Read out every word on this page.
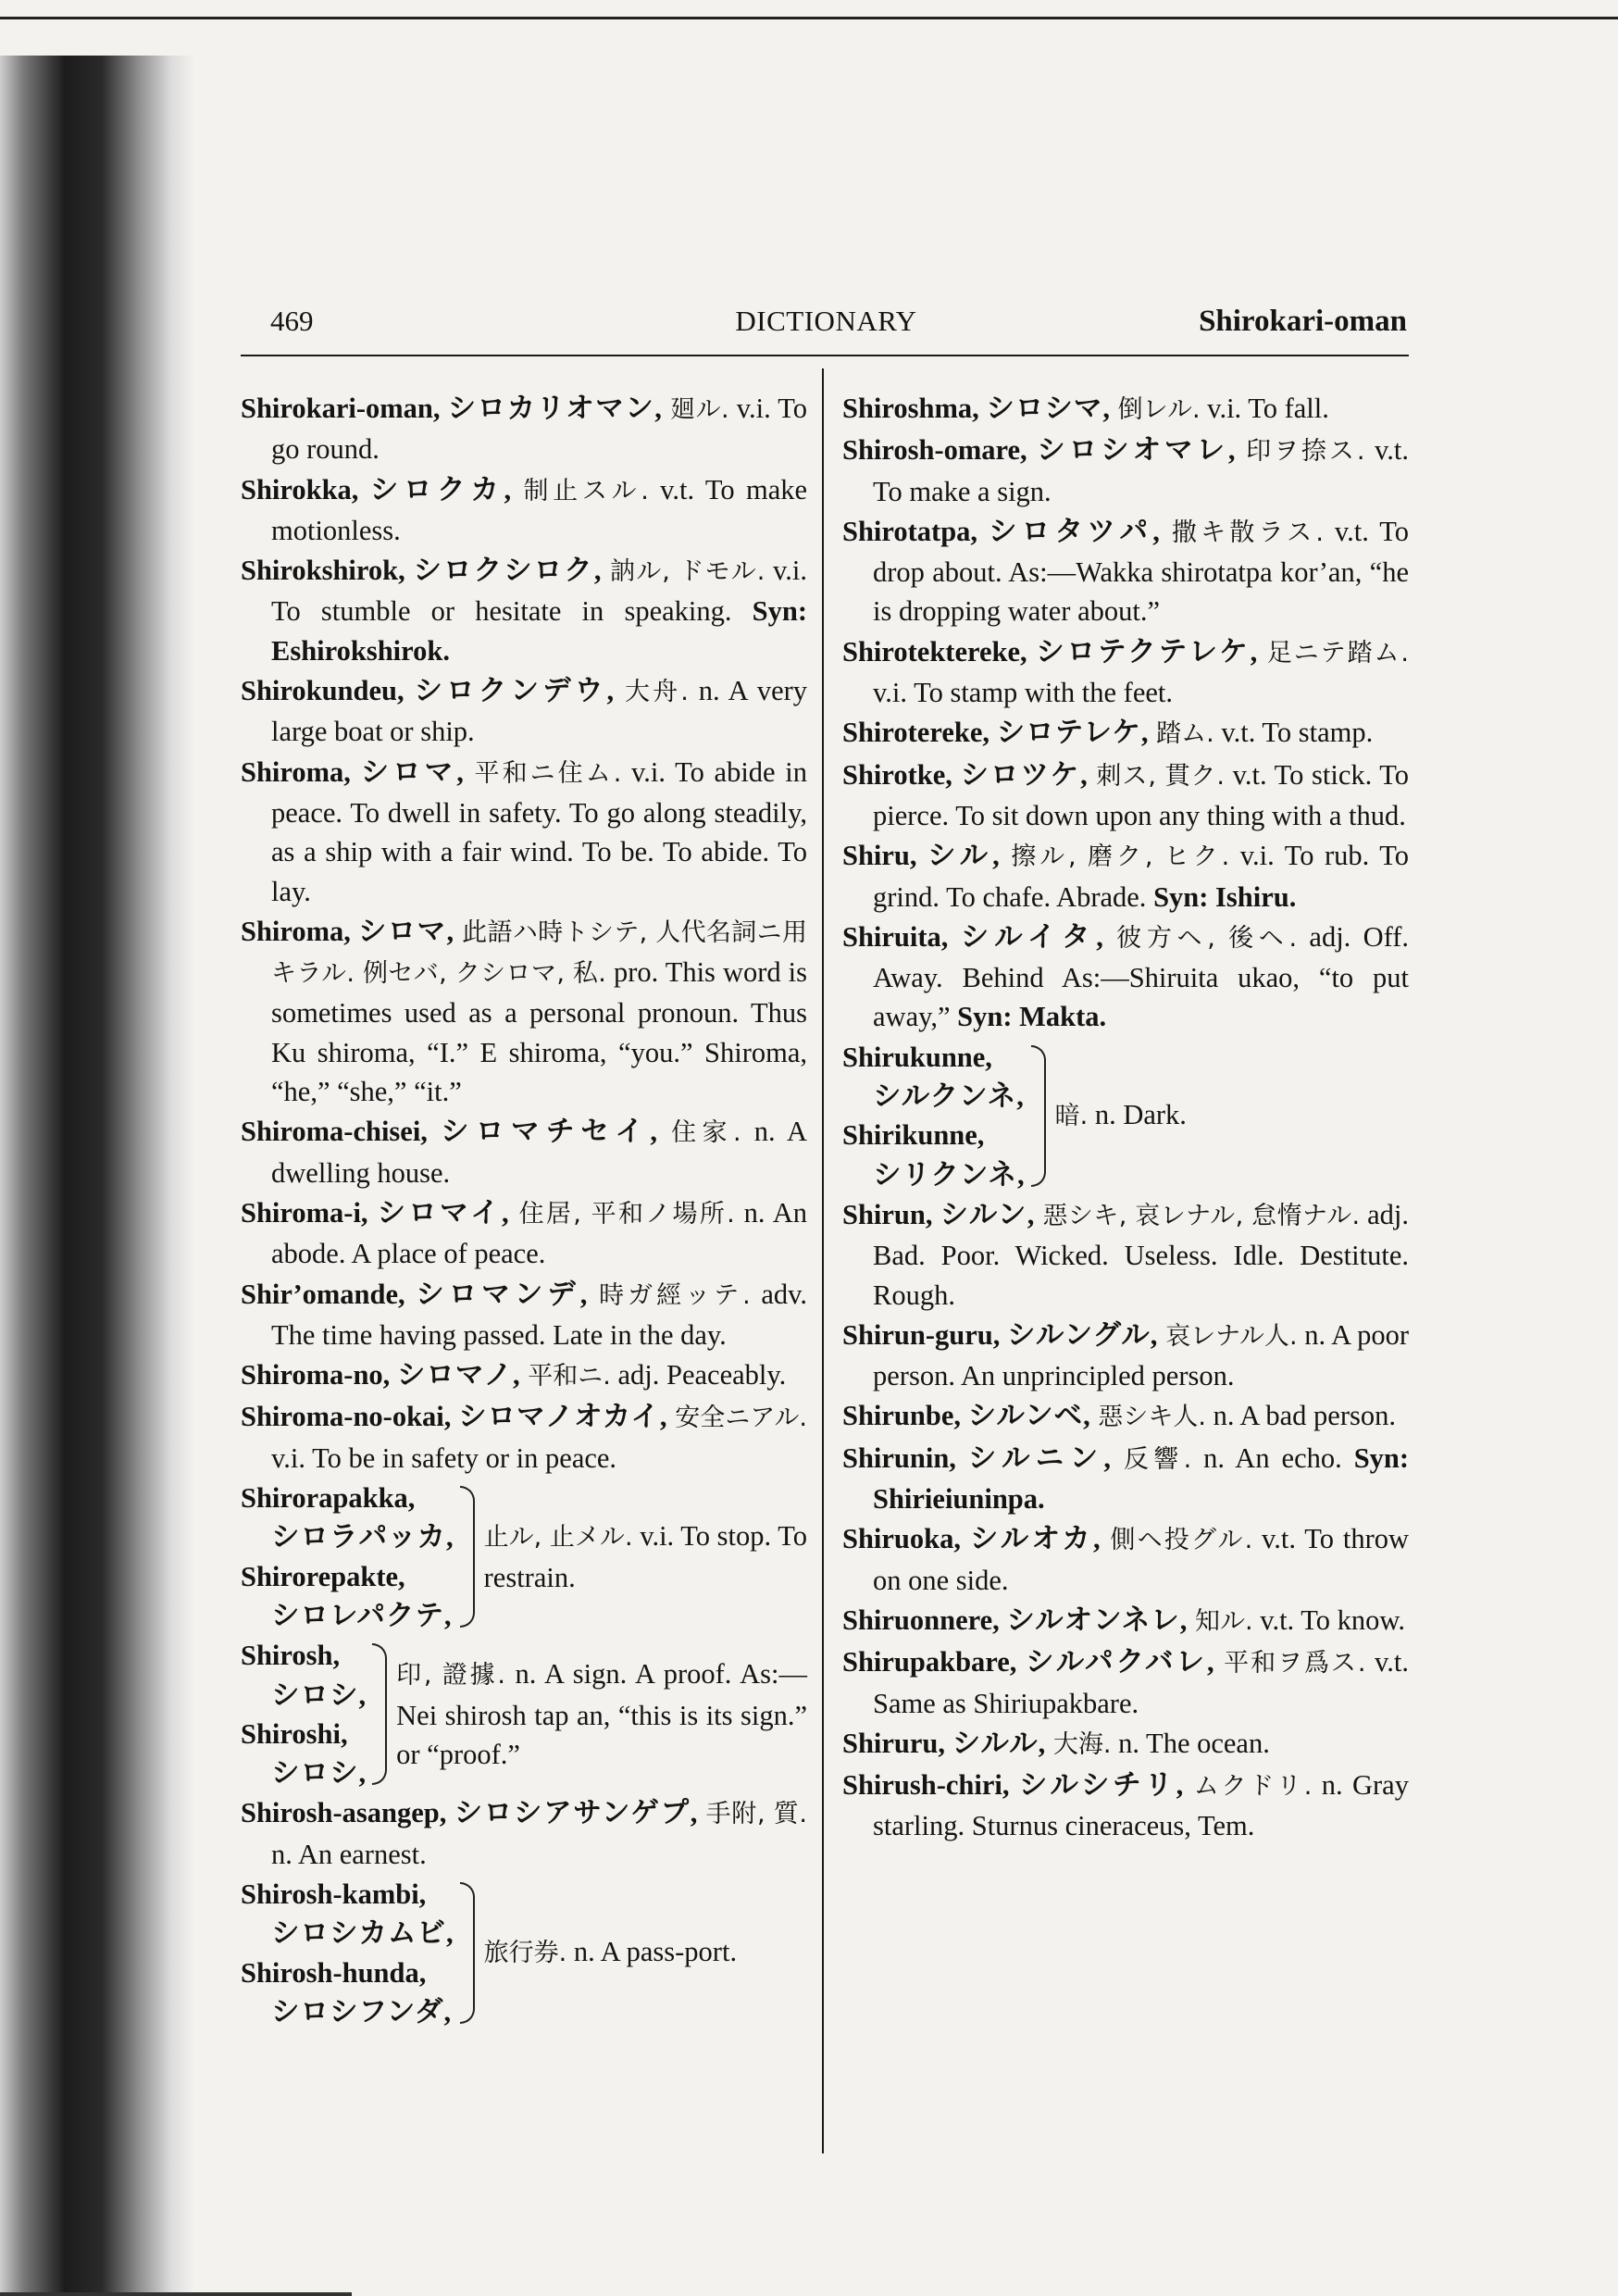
469	DICTIONARY	Shirokari-oman
Shirokari-oman, シロカリオマン, 廻ル. v.i. To go round.
Shirokka, シロクカ, 制止スル. v.t. To make motionless.
Shirokshirok, シロクシロク, 訥ル, ドモル. v.i. To stumble or hesitate in speaking. Syn: Eshirokshirok.
Shirokundeu, シロクンデウ, 大舟. n. A very large boat or ship.
Shiroma, シロマ, 平和ニ住ム. v.i. To abide in peace. To dwell in safety. To go along steadily, as a ship with a fair wind. To be. To abide. To lay.
Shiroma, シロマ, 此語ハ時トシテ, 人代名詞ニ用キラル. 例セバ, クシロマ, 私. pro. This word is sometimes used as a personal pronoun. Thus Ku shiroma, “I.” E shiroma, “you.” Shiroma, “he,” “she,” “it.”
Shiroma-chisei, シロマチセイ, 住家. n. A dwelling house.
Shiroma-i, シロマイ, 住居, 平和ノ場所. n. An abode. A place of peace.
Shir’omande, シロマンデ, 時ガ經ッテ. adv. The time having passed. Late in the day.
Shiroma-no, シロマノ, 平和ニ. adj. Peaceably.
Shiroma-no-okai, シロマノオカイ, 安全ニアル. v.i. To be in safety or in peace.
Shirorapakka,
シロラパッカ,
Shirorepakte,
シロレパクテ,
止ル, 止メル. v.i. To stop. To restrain.
Shirosh,
シロシ,
Shiroshi,
シロシ,
印, 證據. n. A sign. A proof. As:—Nei shirosh tap an, “this is its sign.” or “proof.”
Shirosh-asangep, シロシアサンゲプ, 手附, 質. n. An earnest.
Shirosh-kambi,
シロシカムビ,
Shirosh-hunda,
シロシフンダ,
旅行券. n. A pass-port.
Shiroshma, シロシマ, 倒レル. v.i. To fall.
Shirosh-omare, シロシオマレ, 印ヲ捺ス. v.t. To make a sign.
Shirotatpa, シロタツパ, 撒キ散ラス. v.t. To drop about. As:—Wakka shirotatpa kor’an, “he is dropping water about.”
Shirotektereke, シロテクテレケ, 足ニテ踏ム. v.i. To stamp with the feet.
Shirotereke, シロテレケ, 踏ム. v.t. To stamp.
Shirotke, シロツケ, 刺ス, 貫ク. v.t. To stick. To pierce. To sit down upon any thing with a thud.
Shiru, シル, 擦ル, 磨ク, ヒク. v.i. To rub. To grind. To chafe. Abrade. Syn: Ishiru.
Shiruita, シルイタ, 彼方ヘ, 後ヘ. adj. Off. Away. Behind As:—Shiruita ukao, “to put away,” Syn: Makta.
Shirukunne,
シルクンネ,
Shirikunne,
シリクンネ,
暗. n. Dark.
Shirun, シルン, 惡シキ, 哀レナル, 怠惰ナル. adj. Bad. Poor. Wicked. Useless. Idle. Destitute. Rough.
Shirun-guru, シルングル, 哀レナル人. n. A poor person. An unprincipled person.
Shirunbe, シルンベ, 惡シキ人. n. A bad person.
Shirunin, シルニン, 反響. n. An echo. Syn: Shirieiuninpa.
Shiruoka, シルオカ, 側ヘ投グル. v.t. To throw on one side.
Shiruonnere, シルオンネレ, 知ル. v.t. To know.
Shirupakbare, シルパクバレ, 平和ヲ爲ス. v.t. Same as Shiriupakbare.
Shiruru, シルル, 大海. n. The ocean.
Shirush-chiri, シルシチリ, ムクドリ. n. Gray starling. Sturnus cineraceus, Tem.
